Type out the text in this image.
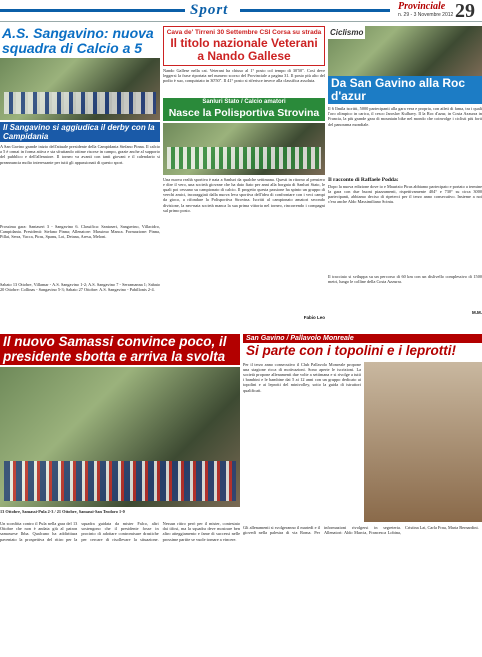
Sport	Provinciale
n. 29 - 3 Novembre 2012 29
A.S. Sangavino: nuova squadra di Calcio a 5
Il Sangavino si aggiudica il derby con la Campidania
A San Gavino grande inizio dell'attuale presidente della Campidania Stefano Pinna. Il calcio a 5 è ormai in forma attiva e sta sfruttando ottime risorse in campo, grazie anche al supporto del pubblico e dell'allenatore. Il torneo va avanti con tanti giovani e il calendario si preannuncia molto interessante per tutti gli appassionati di questo sport.
Prossima gara: Santaseri 3 - Sangavino 6. Classifica: Santaseri, Sangavino, Villacidro, Campidania. Presidenti: Stefano Pinna; Allenatore: Massimo Manca. Formazione: Pinna, Pillai, Serra, Vacca, Piras, Spanu, Loi, Deiana, Aresu, Meloni.
Sabato 13 Ottobre, Villamar - A.S. Sangavino 1-2; A.S. Sangavino 7 - Serramanna 1; Sabato 20 Ottobre: Collinas - Sangavino 5-3; Sabato 27 Ottobre: A.S. Sangavino - Pabillonis 2-4.
Cava de' Tirreni 30 Settembre CSI Corsa su strada
Il titolo nazionale Veterani a Nando Gallese
Nando Gallese nella cat. Veterani ha chiuso al 1° posto col tempo di 30'50". Così deve leggersi la frase riportata nel numero scorso del Provinciale a pagina 31. Il posto più alto del podio è suo, conquistato in 30'50". Il 41° posto si riferisce invece alla classifica assoluta.
Sanluri Stato / Calcio amatori
Nasce la Polisportiva Strovina
Una nuova realtà sportiva è nata a Sanluri da qualche settimana. Questi in ritorno al pensiero e dire il vero, una società giovane che ha dato fiato per anni alla borgata di Sanluri Stato, le quali poi cessano su campionato di calcio. Il progetto questa passione ha spinto un gruppo di veechi amici, incoraggiati dalla nuova leva sportiva dell'idea di confrontare con i veci campi da gioco, a rifondare la Polisportiva Strovina. Iscritti al campionato amatori secondo divisione, la neo-nata società manca la sua prima vittoria nel torneo, rincorrendo i compagni sul primo posto.
Fabio Leo
Ciclismo
Da San Gavino alla Roc d'azur
Il 6 Ilmila iscritti, 5000 partecipanti alla gara vera e propria, con atleti di fama, tra i quali l'oro olimpico in carica, il cesco Jaroslav Kulhavy. Il la Roc d'azur, in Costa Azzurra in Francia, la più grande gara di mountain bike nel mondo che coinvolge i ciclisti più forti del panorama mondiale.
Il racconto di Raffaele Podda:
Dopo la nuova edizione dove io e Maurizio Piras abbiamo partecipato e portato a termine la gara con due buoni piazzamenti, rispettivamente 404° e 730° su circa 3000 partecipanti, abbiamo deciso di ripeterci per il terzo anno consecutivo. Insieme a noi c'era anche Aldo Massimiliano Scintu.
Il tracciato si sviluppa su un percorso di 60 km con un dislivello complessivo di 1500 metri, lungo le colline della Costa Azzurra.
M.M.
Il nuovo Samassi convince poco, il presidente sbotta e arriva la svolta
13 Ottobre, Samassi-Pula 2-3 / 21 Ottobre, Samassi-San Teodoro 1-0
Un sconfitta contro il Pula nella gara del 13 Ottobre che non è andata giù al patron samassese Ibba. Qualcuno ha addirittura paventato la prospettiva del ritiro per la squadra guidata da mister Falco, altri sostengono che il presidente fosse in procinto di adottare contromisure drastiche per cercare di risollevare la situazione. Nessun ritiro però per il mister, contestato dai tifosi, ma la squadra deve mostrare ben altro atteggiamento e fame di successi nelle prossime partite se vuole tornare a vincere.
San Gavino / Pallavolo Monreale
Si parte con i topolini e i leprotti!
Per il terzo anno consecutivo il Club Pallavolo Monreale propone una stagione ricca di motivazioni. Sono aperte le iscrizioni. La società propone allenamenti due volte a settimana e si rivolge a tutti i bambini e le bambine dai 5 ai 12 anni con un gruppo dedicato ai topolini e ai leprotti del minivolley, sotto la guida di istruttori qualificati.
Gli allenamenti si svolgeranno il martedì e il giovedì nella palestra di via Roma. Per informazioni rivolgersi in segreteria. Allenatori: Aldo Marcia, Francesca Lobina, Cristina Lai, Carla Frau, Maria Bernardini.
